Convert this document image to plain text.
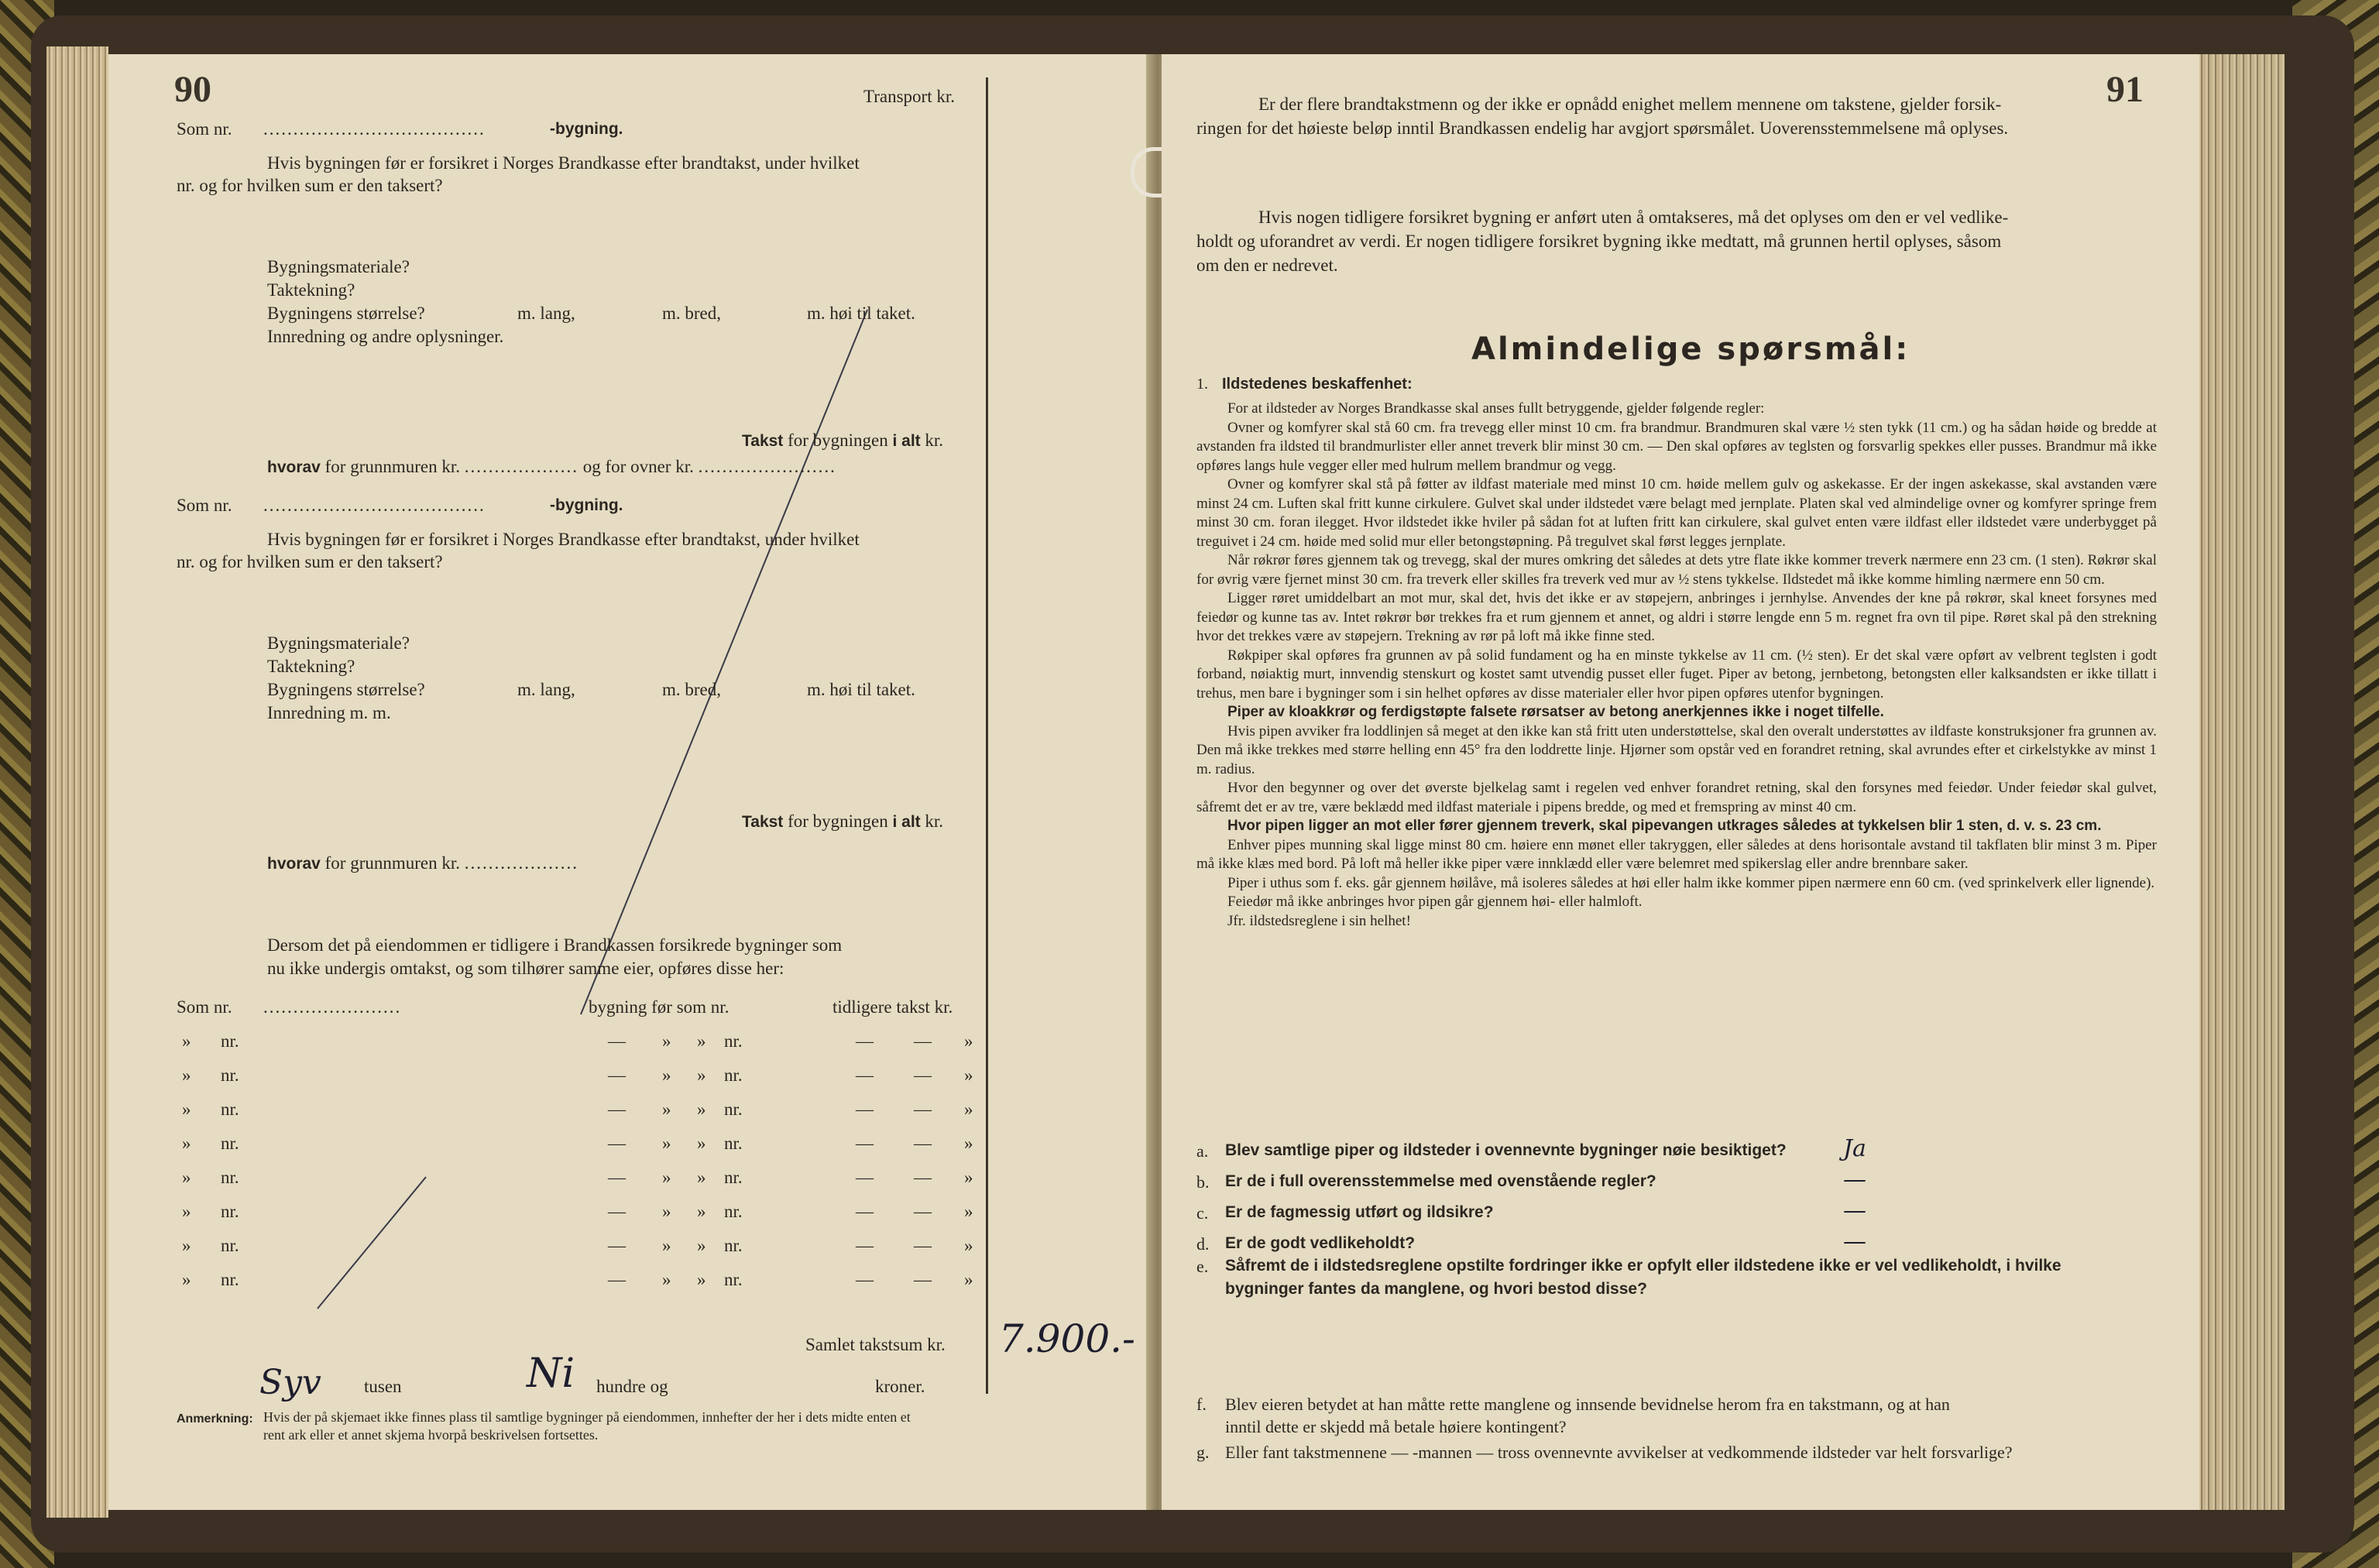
90	Transport kr.
Som nr. .....................................	-bygning.
Hvis bygningen før er forsikret i Norges Brandkasse efter brandtakst, under hvilket
nr. og for hvilken sum er den taksert?
Bygningsmateriale?
Taktekning?
Bygningens størrelse?	m. lang,	m. bred,	m. høi til taket.
Innredning og andre oplysninger.
Takst for bygningen i alt kr.
hvorav for grunnmuren kr. ................... og for ovner kr. .......................
Som nr. .....................................	-bygning.
Hvis bygningen før er forsikret i Norges Brandkasse efter brandtakst, under hvilket
nr. og for hvilken sum er den taksert?
Bygningsmateriale?
Taktekning?
Bygningens størrelse?	m. lang,	m. bred,	m. høi til taket.
Innredning m. m.
Takst for bygningen i alt kr.
hvorav for grunnmuren kr. ...................
Dersom det på eiendommen er tidligere i Brandkassen forsikrede bygninger som
nu ikke undergis omtakst, og som tilhører samme eier, opføres disse her:
Som nr. .......................	bygning før som nr.	tidligere takst kr.
» nr.	— » » nr.	— — »
» nr.	— » » nr.	— — »
» nr.	— » » nr.	— — »
» nr.	— » » nr.	— — »
» nr.	— » » nr.	— — »
» nr.	— » » nr.	— — »
» nr.	— » » nr.	— — »
» nr.	— » » nr.	— — »
Samlet takstsum kr. 7.900.-
Syv tusen	Ni hundre og	kroner.
Anmerkning: Hvis der på skjemaet ikke finnes plass til samtlige bygninger på eiendommen, innhefter der her i dets midte enten et
rent ark eller et annet skjema hvorpå beskrivelsen fortsettes.
91
Er der flere brandtakstmenn og der ikke er opnådd enighet mellem mennene om takstene, gjelder forsik-
ringen for det høieste beløp inntil Brandkassen endelig har avgjort spørsmålet. Uoverensstemmelsene må oplyses.
Hvis nogen tidligere forsikret bygning er anført uten å omtakseres, må det oplyses om den er vel vedlike-
holdt og uforandret av verdi. Er nogen tidligere forsikret bygning ikke medtatt, må grunnen hertil oplyses, såsom
om den er nedrevet.
Almindelige spørsmål:
1. Ildstedenes beskaffenhet:

For at ildsteder av Norges Brandkasse skal anses fullt betryggende, gjelder følgende regler:

Ovner og komfyrer skal stå 60 cm. fra trevegg eller minst 10 cm. fra brandmur. Brandmuren skal være ½ sten tykk (11 cm.) og ha sådan høide og bredde at avstanden fra ildsted til brandmurlister eller annet treverk blir minst 30 cm. — Den skal opføres av teglsten og forsvarlig spekkes eller pusses. Brandmur må ikke opføres langs hule vegger eller med hulrum mellem brandmur og vegg.

Ovner og komfyrer skal stå på føtter av ildfast materiale med minst 10 cm. høide mellem gulv og askekasse. Er der ingen askekasse, skal avstanden være minst 24 cm. Luften skal fritt kunne cirkulere. Gulvet skal under ildstedet være belagt med jernplate. Platen skal ved almindelige ovner og komfyrer springe frem minst 30 cm. foran ilegget. Hvor ildstedet ikke hviler på sådan fot at luften fritt kan cirkulere, skal gulvet enten være ildfast eller ildstedet være underbygget på treguivet i 24 cm. høide med solid mur eller betongstøpning. På tregulvet skal først legges jernplate.

Når røkrør føres gjennem tak og trevegg, skal der mures omkring det således at dets ytre flate ikke kommer treverk nærmere enn 23 cm. (1 sten). Røkrør skal for øvrig være fjernet minst 30 cm. fra treverk eller skilles fra treverk ved mur av ½ stens tykkelse. Ildstedet må ikke komme himling nærmere enn 50 cm.

Ligger røret umiddelbart an mot mur, skal det, hvis det ikke er av støpejern, anbringes i jernhylse. Anvendes der kne på røkrør, skal kneet forsynes med feiedør og kunne tas av. Intet røkrør bør trekkes fra et rum gjennem et annet, og aldri i større lengde enn 5 m. regnet fra ovn til pipe. Røret skal på den strekning hvor det trekkes være av støpejern. Trekning av rør på loft må ikke finne sted.

Røkpiper skal opføres fra grunnen av på solid fundament og ha en minste tykkelse av 11 cm. (½ sten). Er det skal være opført av velbrent teglsten i godt forband, nøiaktig murt, innvendig stenskurt og kostet samt utvendig pusset eller fuget. Piper av betong, jernbetong, betongsten eller kalksandsten er ikke tillatt i trehus, men bare i bygninger som i sin helhet opføres av disse materialer eller hvor pipen opføres utenfor bygningen.

Piper av kloakkrør og ferdigstøpte falsete rørsatser av betong anerkjennes ikke i noget tilfelle.

Hvis pipen avviker fra loddlinjen så meget at den ikke kan stå fritt uten understøttelse, skal den overalt understøttes av ildfaste konstruksjoner fra grunnen av. Den må ikke trekkes med større helling enn 45° fra den loddrette linje. Hjørner som opstår ved en forandret retning, skal avrundes efter et cirkelstykke av minst 1 m. radius.

Hvor den begynner og over det øverste bjelkelag samt i regelen ved enhver forandret retning, skal den forsynes med feiedør. Under feiedør skal gulvet, såfremt det er av tre, være beklædd med ildfast materiale i pipens bredde, og med et fremspring av minst 40 cm.

Hvor pipen ligger an mot eller fører gjennem treverk, skal pipevangen utkrages således at tykkelsen blir 1 sten, d. v. s. 23 cm.

Enhver pipes munning skal ligge minst 80 cm. høiere enn mønet eller takryggen, eller således at dens horisontale avstand til takflaten blir minst 3 m. Piper må ikke klæs med bord. På loft må heller ikke piper være innklædd eller være belemret med spikerslag eller andre brennbare saker.

Piper i uthus som f. eks. går gjennem høilåve, må isoleres således at høi eller halm ikke kommer pipen nærmere enn 60 cm. (ved sprinkelverk eller lignende).

Feiedør må ikke anbringes hvor pipen går gjennem høi- eller halmloft.

Jfr. ildstedsreglene i sin helhet!

a. Blev samtlige piper og ildsteder i ovennevnte bygninger nøie besiktiget? Ja
b. Er de i full overensstemmelse med ovenstående regler?	—
c. Er de fagmessig utført og ildsikre?	—
d. Er de godt vedlikeholdt?	—
e. Såfremt de i ildstedsreglene opstilte fordringer ikke er opfylt eller ildstedene ikke er vel vedlikeholdt, i hvilke
bygninger fantes da manglene, og hvori bestod disse?
f. Blev eieren betydet at han måtte rette manglene og innsende bevidnelse herom fra en takstmann, og at han
inntil dette er skjedd må betale høiere kontingent?
g. Eller fant takstmennene — -mannen — tross ovennevnte avvikelser at vedkommende ildsteder var helt forsvarlige?
